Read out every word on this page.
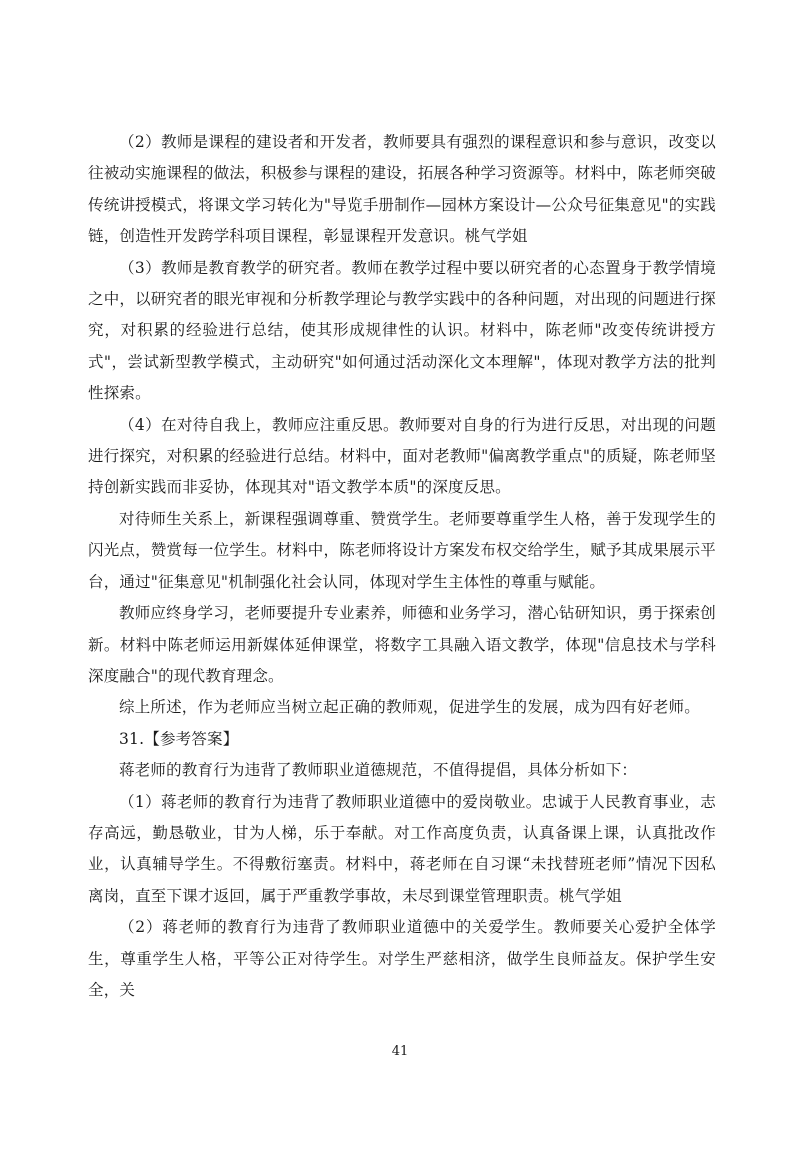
（2）教师是课程的建设者和开发者，教师要具有强烈的课程意识和参与意识，改变以往被动实施课程的做法，积极参与课程的建设，拓展各种学习资源等。材料中，陈老师突破传统讲授模式，将课文学习转化为"导览手册制作—园林方案设计—公众号征集意见"的实践链，创造性开发跨学科项目课程，彰显课程开发意识。桃气学姐

（3）教师是教育教学的研究者。教师在教学过程中要以研究者的心态置身于教学情境之中，以研究者的眼光审视和分析教学理论与教学实践中的各种问题，对出现的问题进行探究，对积累的经验进行总结，使其形成规律性的认识。材料中，陈老师"改变传统讲授方式"，尝试新型教学模式，主动研究"如何通过活动深化文本理解"，体现对教学方法的批判性探索。

（4）在对待自我上，教师应注重反思。教师要对自身的行为进行反思，对出现的问题进行探究，对积累的经验进行总结。材料中，面对老教师"偏离教学重点"的质疑，陈老师坚持创新实践而非妥协，体现其对"语文教学本质"的深度反思。

对待师生关系上，新课程强调尊重、赞赏学生。老师要尊重学生人格，善于发现学生的闪光点，赞赏每一位学生。材料中，陈老师将设计方案发布权交给学生，赋予其成果展示平台，通过"征集意见"机制强化社会认同，体现对学生主体性的尊重与赋能。

教师应终身学习，老师要提升专业素养，师德和业务学习，潜心钻研知识，勇于探索创新。材料中陈老师运用新媒体延伸课堂，将数字工具融入语文教学，体现"信息技术与学科深度融合"的现代教育理念。

综上所述，作为老师应当树立起正确的教师观，促进学生的发展，成为四有好老师。

31.【参考答案】

蒋老师的教育行为违背了教师职业道德规范，不值得提倡，具体分析如下：

（1）蒋老师的教育行为违背了教师职业道德中的爱岗敬业。忠诚于人民教育事业，志存高远，勤恳敬业，甘为人梯，乐于奉献。对工作高度负责，认真备课上课，认真批改作业，认真辅导学生。不得敷衍塞责。材料中，蒋老师在自习课“未找替班老师”情况下因私离岗，直至下课才返回，属于严重教学事故，未尽到课堂管理职责。桃气学姐

（2）蒋老师的教育行为违背了教师职业道德中的关爱学生。教师要关心爱护全体学生，尊重学生人格，平等公正对待学生。对学生严慈相济，做学生良师益友。保护学生安全，关

41
